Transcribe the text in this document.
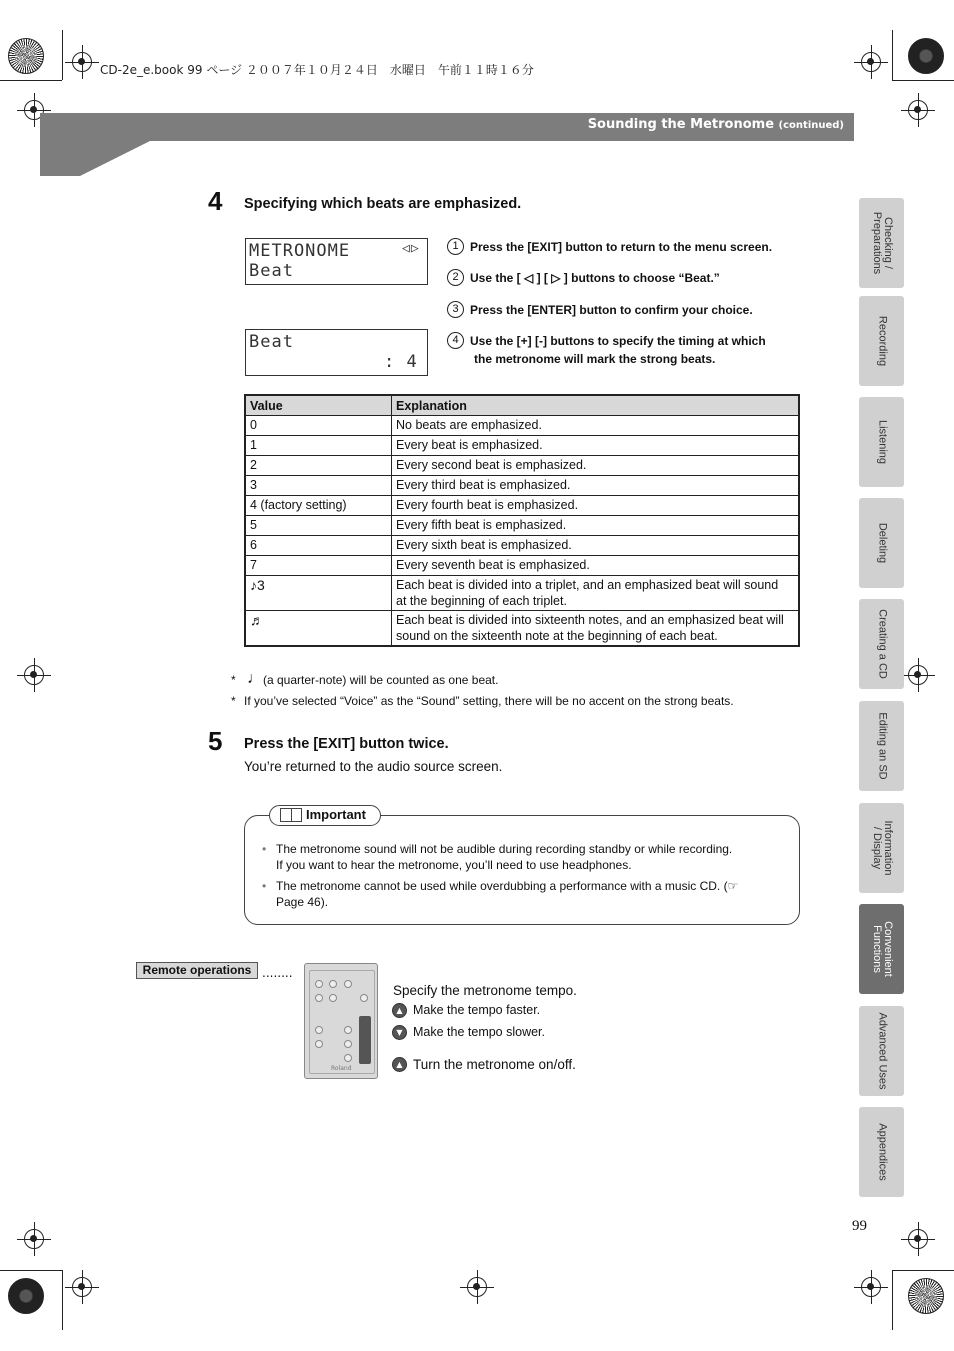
CD-2e_e.book 99 ページ ２００７年１０月２４日　水曜日　午前１１時１６分
Sounding the Metronome (continued)
4 Specifying which beats are emphasized.
METRONOME	◁▷
Beat
Beat
: 4
1 Press the [EXIT] button to return to the menu screen.
2 Use the [ ◁ ] [ ▷ ] buttons to choose “Beat.”
3 Press the [ENTER] button to confirm your choice.
4 Use the [+] [-] buttons to specify the timing at which
the metronome will mark the strong beats.
Value	Explanation
0	No beats are emphasized.
1	Every beat is emphasized.
2	Every second beat is emphasized.
3	Every third beat is emphasized.
4 (factory setting)	Every fourth beat is emphasized.
5	Every fifth beat is emphasized.
6	Every sixth beat is emphasized.
7	Every seventh beat is emphasized.
♪3	Each beat is divided into a triplet, and an emphasized beat will sound
at the beginning of each triplet.

♬	Each beat is divided into sixteenth notes, and an emphasized beat will
sound on the sixteenth note at the beginning of each beat.
* ♩ (a quarter-note) will be counted as one beat.
* If you’ve selected “Voice” as the “Sound” setting, there will be no accent on the strong beats.
5 Press the [EXIT] button twice.
You’re returned to the audio source screen.
Important
• The metronome sound will not be audible during recording standby or while recording.
If you want to hear the metronome, you’ll need to use headphones.
• The metronome cannot be used while overdubbing a performance with a music CD. (☞
Page 46).
Remote operations ........
Roland
Specify the metronome tempo.
▲ Make the tempo faster.
▼ Make the tempo slower.
▲ Turn the metronome on/off.
Checking /
Preparations
Recording
Listening
Deleting
Creating a CD
Editing an SD
Information
/ Display
Convenient
Functions
Advanced Uses
Appendices
99
